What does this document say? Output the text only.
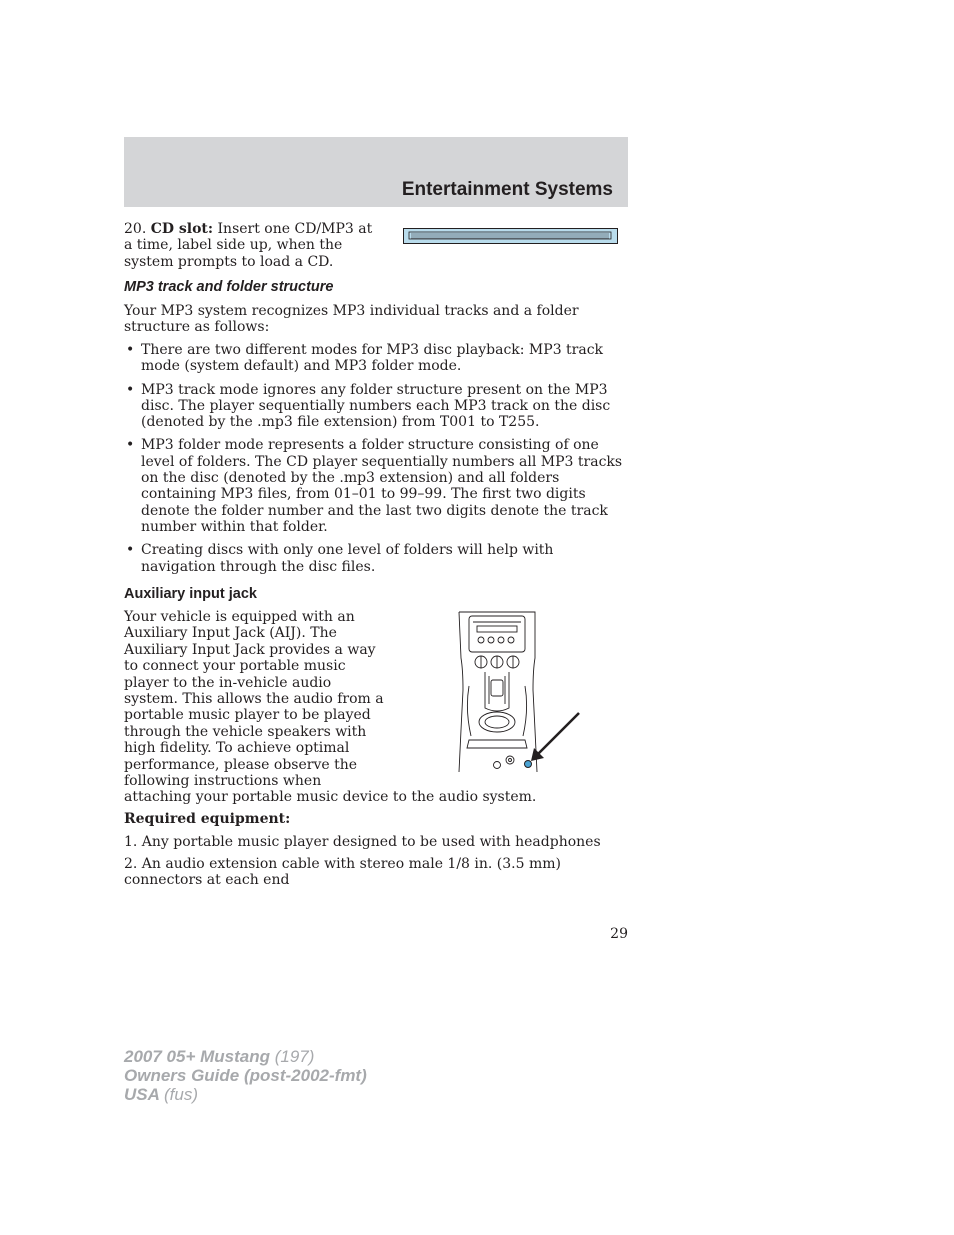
Entertainment Systems
20. CD slot: Insert one CD/MP3 at a time, label side up, when the system prompts to load a CD.
MP3 track and folder structure
Your MP3 system recognizes MP3 individual tracks and a folder structure as follows:
• There are two different modes for MP3 disc playback: MP3 track mode (system default) and MP3 folder mode.
• MP3 track mode ignores any folder structure present on the MP3 disc. The player sequentially numbers each MP3 track on the disc (denoted by the .mp3 file extension) from T001 to T255.
• MP3 folder mode represents a folder structure consisting of one level of folders. The CD player sequentially numbers all MP3 tracks on the disc (denoted by the .mp3 extension) and all folders containing MP3 files, from 01–01 to 99–99. The first two digits denote the folder number and the last two digits denote the track number within that folder.
• Creating discs with only one level of folders will help with navigation through the disc files.
Auxiliary input jack
Your vehicle is equipped with an Auxiliary Input Jack (AIJ). The Auxiliary Input Jack provides a way to connect your portable music player to the in-vehicle audio system. This allows the audio from a portable music player to be played through the vehicle speakers with high fidelity. To achieve optimal performance, please observe the following instructions when
attaching your portable music device to the audio system.
Required equipment:
1. Any portable music player designed to be used with headphones
2. An audio extension cable with stereo male 1/8 in. (3.5 mm) connectors at each end
29
2007 05+ Mustang (197)
Owners Guide (post-2002-fmt)
USA (fus)
